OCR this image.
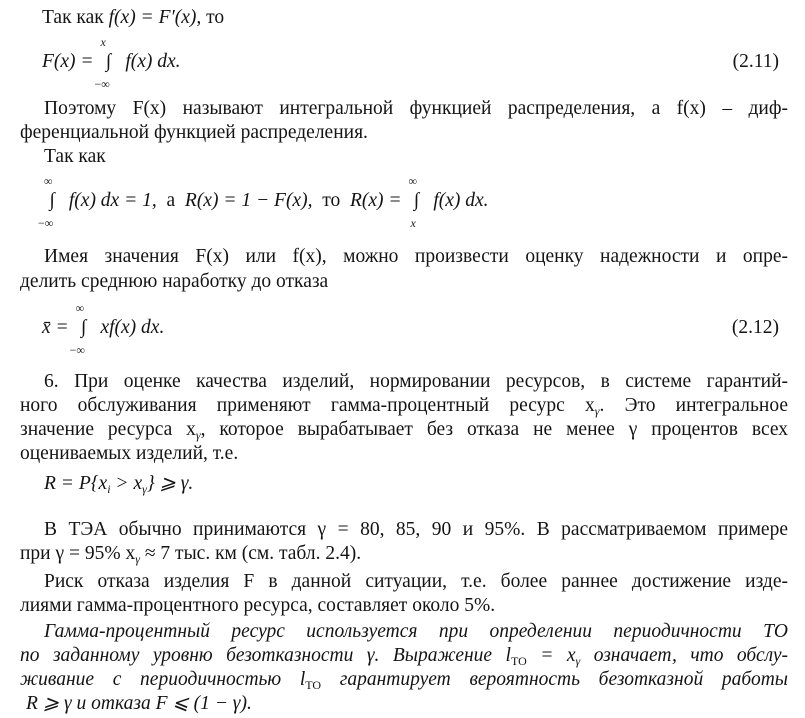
Так как f(x) = F′(x), то
F(x) = ∫
x
−∞
f(x) dx.	(2.11)
Поэтому F(x) называют интегральной функцией распределения, а f(x) – диф-
ференциальной функцией распределения.
Так как
∫
∞
−∞
f(x) dx = 1, а R(x) = 1 − F(x), то R(x) = ∫
∞
x
f(x) dx.
Имея значения F(x) или f(x), можно произвести оценку надежности и опре-
делить среднюю наработку до отказа
x̄ = ∫
∞
−∞
xf(x) dx.	(2.12)
6. При оценке качества изделий, нормировании ресурсов, в системе гарантий-
ного обслуживания применяют гамма-процентный ресурс $x_\gamma$. Это интегральное
значение ресурса $x_\gamma$, которое вырабатывает без отказа не менее γ процентов всех
оцениваемых изделий, т.е.
$R = P\{x_i > x_\gamma\}$ ⩾ γ.
В ТЭА обычно принимаются γ = 80, 85, 90 и 95%. В рассматриваемом примере
при γ = 95% $x_\gamma \approx 7$ тыс. км (см. табл. 2.4).
Риск отказа изделия F в данной ситуации, т.е. более раннее достижение изде-
лиями гамма-процентного ресурса, составляет около 5%.
Гамма-процентный ресурс используется при определении периодичности ТО
по заданному уровню безотказности γ. Выражение $l_{ТО} = x_\gamma$ означает, что обслу-
живание с периодичностью $l_{ТО}$ гарантирует вероятность безотказной работы
R ⩾ γ и отказа F ⩽ (1 − γ).
